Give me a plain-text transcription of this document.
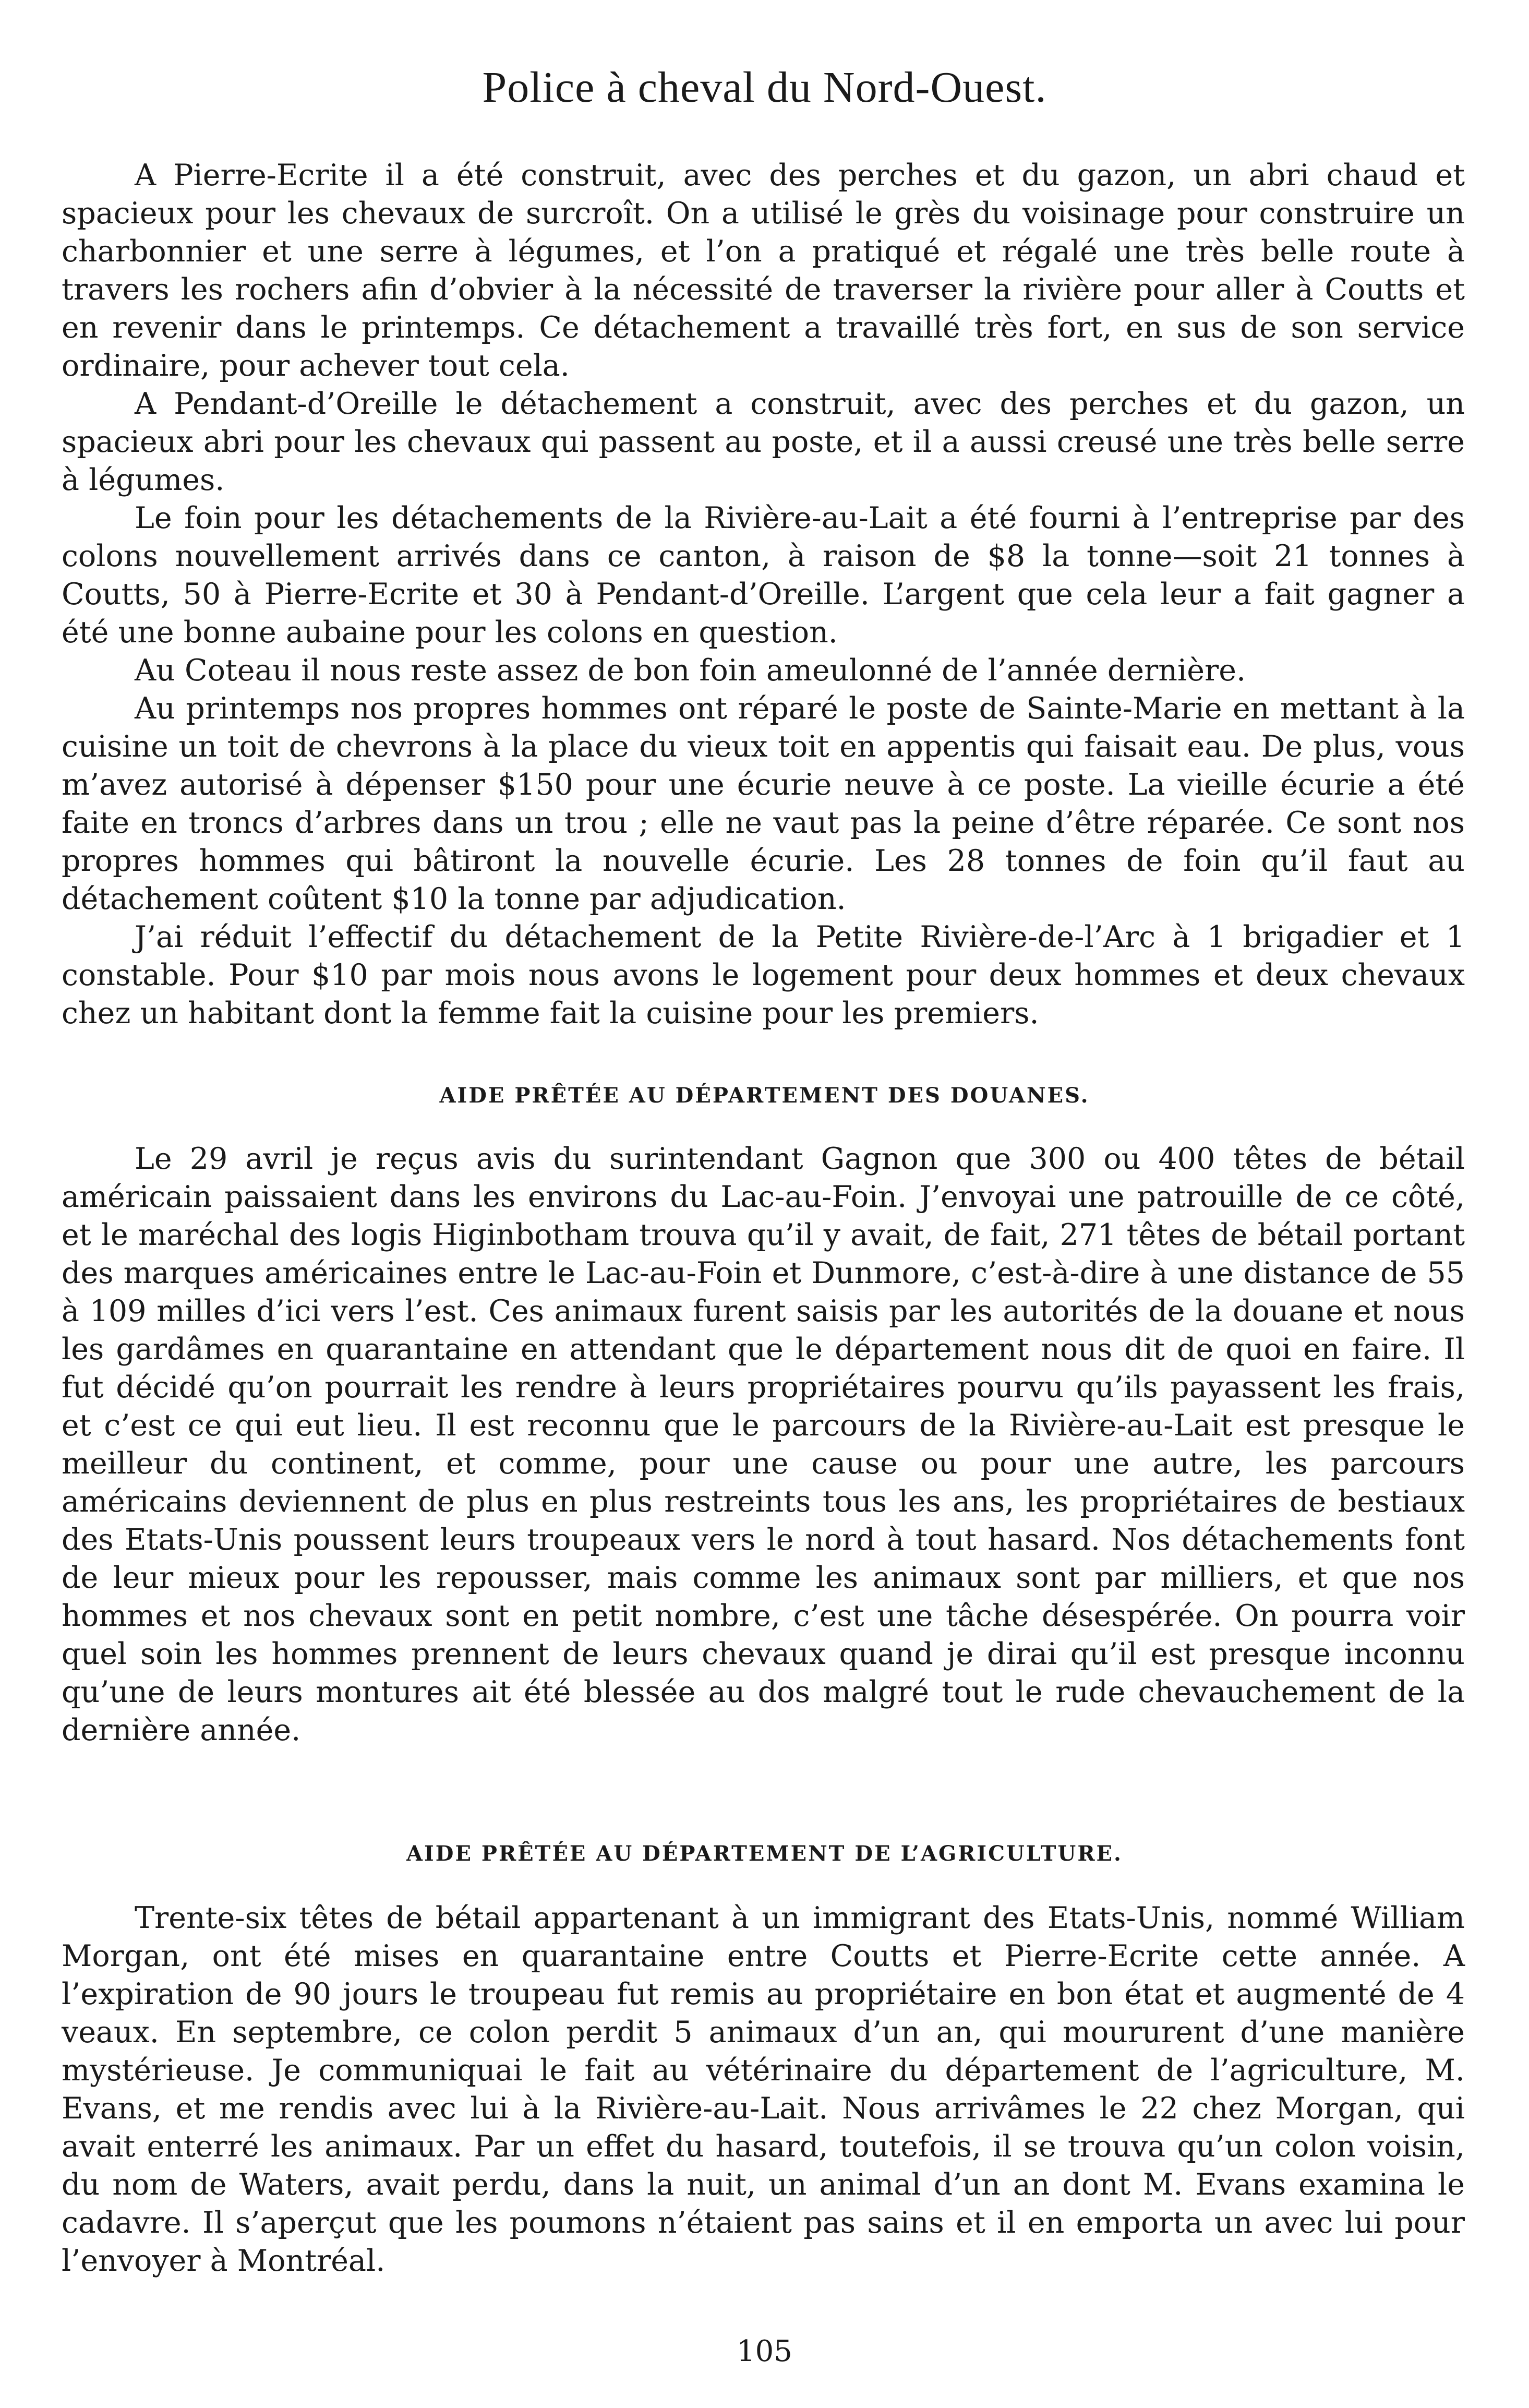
Police à cheval du Nord-Ouest.

A Pierre-Ecrite il a été construit, avec des perches et du gazon, un abri chaud et spacieux pour les chevaux de surcroît. On a utilisé le grès du voisinage pour construire un charbonnier et une serre à légumes, et l’on a pratiqué et régalé une très belle route à travers les rochers afin d’obvier à la nécessité de traverser la rivière pour aller à Coutts et en revenir dans le printemps. Ce détachement a travaillé très fort, en sus de son service ordinaire, pour achever tout cela.

A Pendant-d’Oreille le détachement a construit, avec des perches et du gazon, un spacieux abri pour les chevaux qui passent au poste, et il a aussi creusé une très belle serre à légumes.

Le foin pour les détachements de la Rivière-au-Lait a été fourni à l’entreprise par des colons nouvellement arrivés dans ce canton, à raison de $8 la tonne—soit 21 tonnes à Coutts, 50 à Pierre-Ecrite et 30 à Pendant-d’Oreille. L’argent que cela leur a fait gagner a été une bonne aubaine pour les colons en question.

Au Coteau il nous reste assez de bon foin ameulonné de l’année dernière.

Au printemps nos propres hommes ont réparé le poste de Sainte-Marie en mettant à la cuisine un toit de chevrons à la place du vieux toit en appentis qui faisait eau. De plus, vous m’avez autorisé à dépenser $150 pour une écurie neuve à ce poste. La vieille écurie a été faite en troncs d’arbres dans un trou ; elle ne vaut pas la peine d’être réparée. Ce sont nos propres hommes qui bâtiront la nouvelle écurie. Les 28 tonnes de foin qu’il faut au détachement coûtent $10 la tonne par adjudication.

J’ai réduit l’effectif du détachement de la Petite Rivière-de-l’Arc à 1 brigadier et 1 constable. Pour $10 par mois nous avons le logement pour deux hommes et deux chevaux chez un habitant dont la femme fait la cuisine pour les premiers.

AIDE PRÊTÉE AU DÉPARTEMENT DES DOUANES.

Le 29 avril je reçus avis du surintendant Gagnon que 300 ou 400 têtes de bétail américain paissaient dans les environs du Lac-au-Foin. J’envoyai une patrouille de ce côté, et le maréchal des logis Higinbotham trouva qu’il y avait, de fait, 271 têtes de bétail portant des marques américaines entre le Lac-au-Foin et Dunmore, c’est-à-dire à une distance de 55 à 109 milles d’ici vers l’est. Ces animaux furent saisis par les autorités de la douane et nous les gardâmes en quarantaine en attendant que le département nous dit de quoi en faire. Il fut décidé qu’on pourrait les rendre à leurs propriétaires pourvu qu’ils payassent les frais, et c’est ce qui eut lieu. Il est reconnu que le parcours de la Rivière-au-Lait est presque le meilleur du continent, et comme, pour une cause ou pour une autre, les parcours américains deviennent de plus en plus restreints tous les ans, les propriétaires de bestiaux des Etats-Unis poussent leurs troupeaux vers le nord à tout hasard. Nos détachements font de leur mieux pour les repousser, mais comme les animaux sont par milliers, et que nos hommes et nos chevaux sont en petit nombre, c’est une tâche désespérée. On pourra voir quel soin les hommes prennent de leurs chevaux quand je dirai qu’il est presque inconnu qu’une de leurs montures ait été blessée au dos malgré tout le rude chevauchement de la dernière année.

AIDE PRÊTÉE AU DÉPARTEMENT DE L’AGRICULTURE.

Trente-six têtes de bétail appartenant à un immigrant des Etats-Unis, nommé William Morgan, ont été mises en quarantaine entre Coutts et Pierre-Ecrite cette année. A l’expiration de 90 jours le troupeau fut remis au propriétaire en bon état et augmenté de 4 veaux. En septembre, ce colon perdit 5 animaux d’un an, qui moururent d’une manière mystérieuse. Je communiquai le fait au vétérinaire du département de l’agriculture, M. Evans, et me rendis avec lui à la Rivière-au-Lait. Nous arrivâmes le 22 chez Morgan, qui avait enterré les animaux. Par un effet du hasard, toutefois, il se trouva qu’un colon voisin, du nom de Waters, avait perdu, dans la nuit, un animal d’un an dont M. Evans examina le cadavre. Il s’aperçut que les poumons n’étaient pas sains et il en emporta un avec lui pour l’envoyer à Montréal.

105
